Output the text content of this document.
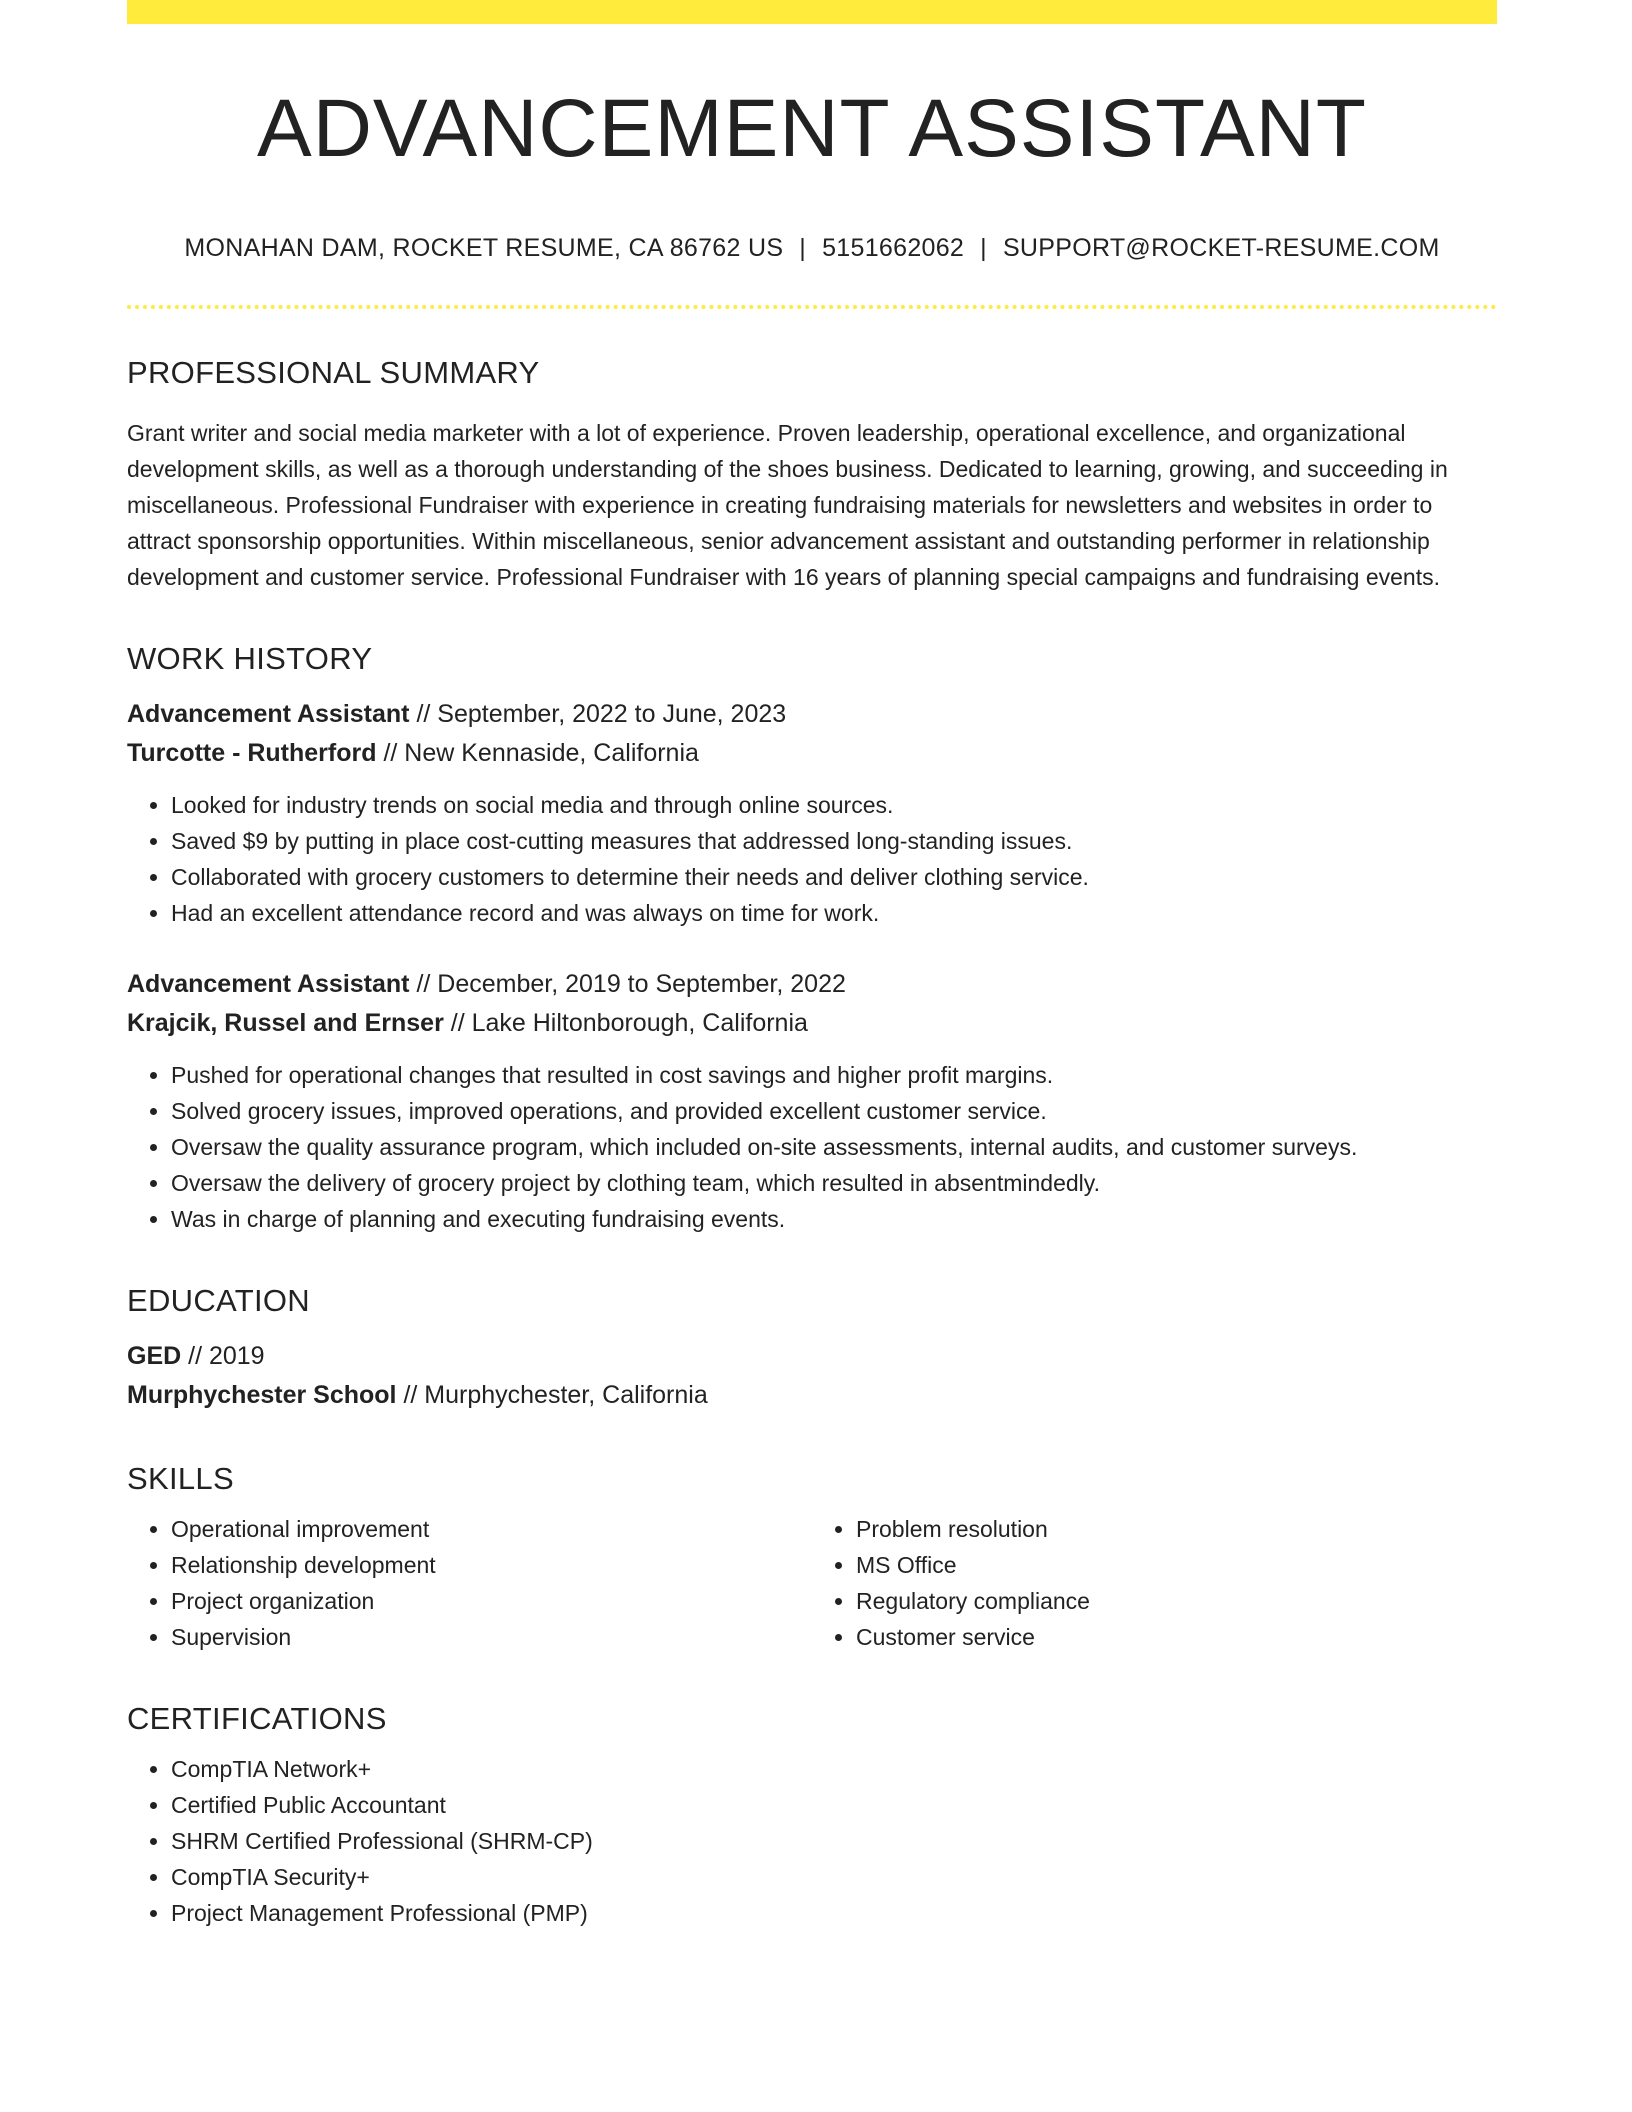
ADVANCEMENT ASSISTANT
MONAHAN DAM, ROCKET RESUME, CA 86762 US | 5151662062 | SUPPORT@ROCKET-RESUME.COM
PROFESSIONAL SUMMARY
Grant writer and social media marketer with a lot of experience. Proven leadership, operational excellence, and organizational development skills, as well as a thorough understanding of the shoes business. Dedicated to learning, growing, and succeeding in miscellaneous. Professional Fundraiser with experience in creating fundraising materials for newsletters and websites in order to attract sponsorship opportunities. Within miscellaneous, senior advancement assistant and outstanding performer in relationship development and customer service. Professional Fundraiser with 16 years of planning special campaigns and fundraising events.
WORK HISTORY
Advancement Assistant // September, 2022 to June, 2023
Turcotte - Rutherford // New Kennaside, California
• Looked for industry trends on social media and through online sources.
• Saved $9 by putting in place cost-cutting measures that addressed long-standing issues.
• Collaborated with grocery customers to determine their needs and deliver clothing service.
• Had an excellent attendance record and was always on time for work.
Advancement Assistant // December, 2019 to September, 2022
Krajcik, Russel and Ernser // Lake Hiltonborough, California
• Pushed for operational changes that resulted in cost savings and higher profit margins.
• Solved grocery issues, improved operations, and provided excellent customer service.
• Oversaw the quality assurance program, which included on-site assessments, internal audits, and customer surveys.
• Oversaw the delivery of grocery project by clothing team, which resulted in absentmindedly.
• Was in charge of planning and executing fundraising events.
EDUCATION
GED // 2019
Murphychester School // Murphychester, California
SKILLS
• Operational improvement
• Relationship development
• Project organization
• Supervision
• Problem resolution
• MS Office
• Regulatory compliance
• Customer service
CERTIFICATIONS
• CompTIA Network+
• Certified Public Accountant
• SHRM Certified Professional (SHRM-CP)
• CompTIA Security+
• Project Management Professional (PMP)
